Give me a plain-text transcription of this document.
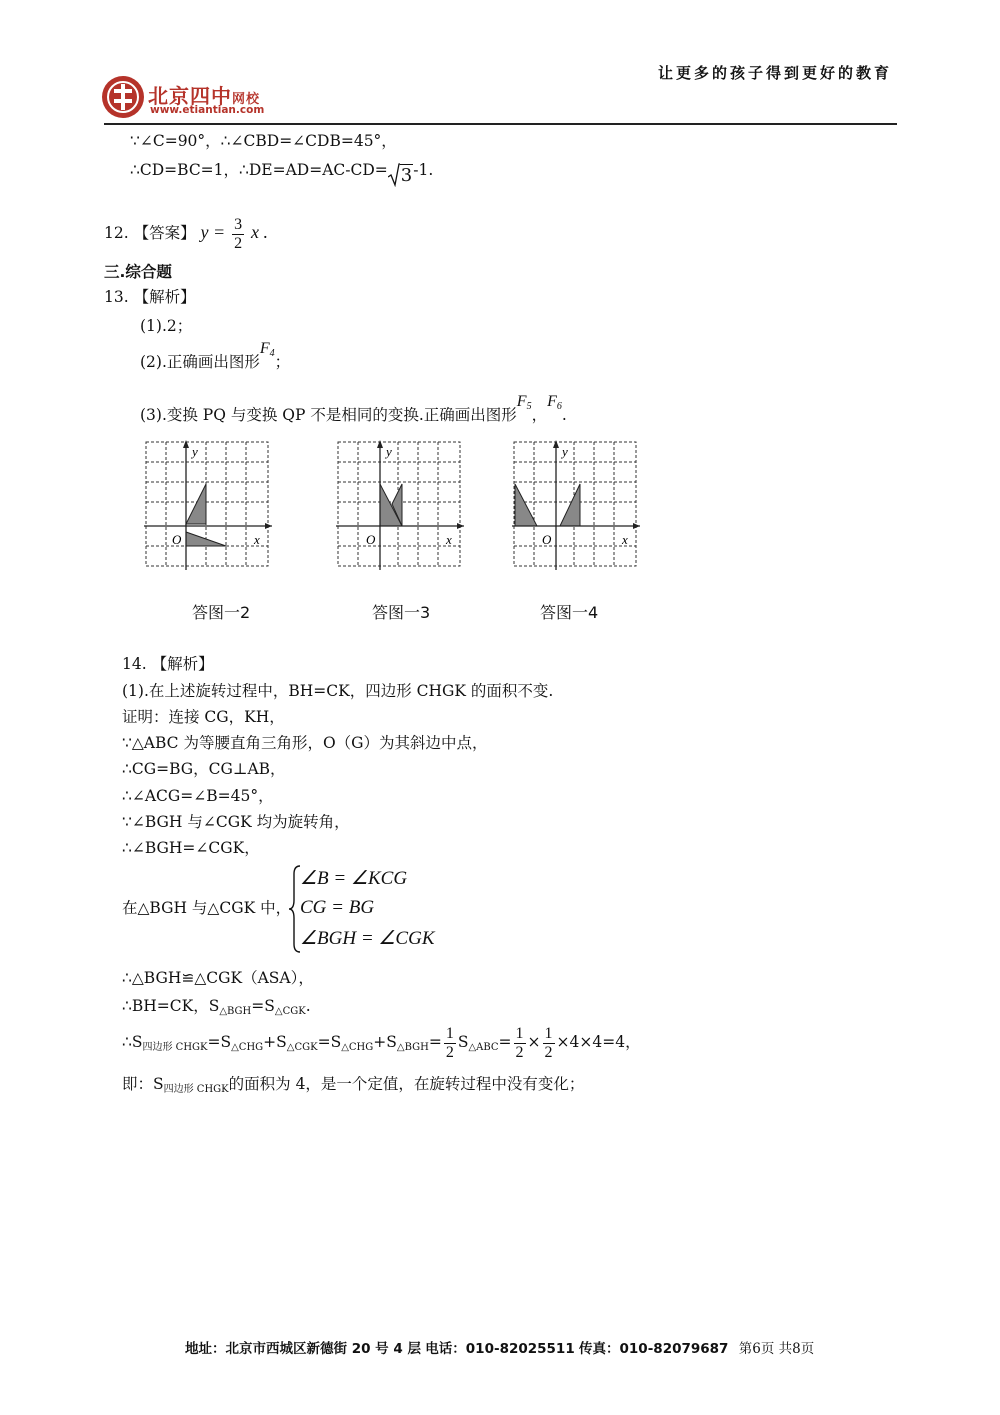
北京四中网校
www.etiantian.com
让更多的孩子得到更好的教育
∵∠C=90°，∴∠CBD=∠CDB=45°，
∴CD=BC=1，∴DE=AD=AC-CD= 3-1.
12. 【答案】 $y = \frac{3}{2}$ x .
三.综合题
13. 【解析】
(1).2；
(2).正确画出图形$F_4$；
(3).变换 PQ 与变换 QP 不是相同的变换.正确画出图形$F_5$，$F_6$.
y
x
O
答图一2
y
x
O
答图一3
y
x
O
答图一4
14. 【解析】
(1).在上述旋转过程中，BH=CK，四边形 CHGK 的面积不变.
证明：连接 CG，KH，
∵△ABC 为等腰直角三角形，O（G）为其斜边中点，
∴CG=BG，CG⊥AB，
∴∠ACG=∠B=45°，
∵∠BGH 与∠CGK 均为旋转角，
∴∠BGH=∠CGK，
在△BGH 与△CGK 中，
∠B = ∠KCG
CG = BG
∠BGH = ∠CGK
∴△BGH≌△CGK（ASA），
∴BH=CK，$S_{\triangle BGH}=S_{\triangle CGK}$.
$\therefore S_{四边形 CHGK}=S_{\triangle CHG}+S_{\triangle CGK}=S_{\triangle CHG}+S_{\triangle BGH}= \frac{1}{2} S_{\triangle ABC}= \frac{1}{2} \times \frac{1}{2} \times 4\times 4=4$，
即：$S_{四边形 CHGK}$的面积为 4，是一个定值，在旋转过程中没有变化；
地址：北京市西城区新德街 20 号 4 层 电话：010-82025511 传真：010-82079687 第6页 共8页
